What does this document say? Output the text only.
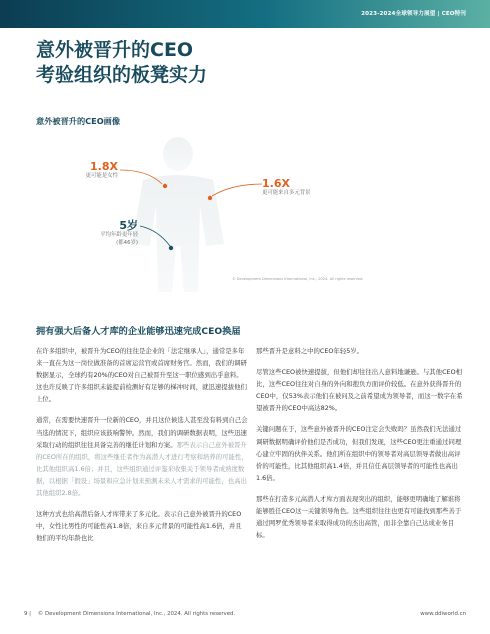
2023-2024全球领导力展望 | CEO特刊
意外被晋升的CEO
考验组织的板凳实力
意外被晋升的CEO画像
1.8X
更可能是女性
1.6X
更可能来自多元背景
5岁
平均年龄更年轻
(都46岁)
© Development Dimensions International, Inc., 2024. All rights reserved.
拥有强大后备人才库的企业能够迅速完成CEO换届

在许多组织中，被晋升为CEO的往往是企业的「法定继承人」，通常是多年来一直在为这一岗位做准备的首席运营官或首席财务官。然而，我们的调研数据显示，全球约有20%的CEO对自己被晋升至这一职位感到出乎意料。这也许反映了许多组织未能提前检测好有足够的梯冲时间，就迅速提拔他们上位。

通常，在需要快速晋升一位新的CEO，并且这位候选人甚至没有料到自己会当选的情况下，组织应该鼓响警钟。然而，我们的调研数据表明，这些迅速采取行动的组织往往具备完善的继任计划和方案。那些表示自己意外被晋升的CEO所在的组织，将这些继任者作为高潜人才进行考察和培养的可能性，比其他组织高1.6倍；并且，这些组织通过评鉴来收集关于领导者成熟度数据，以根据「假设」场景和应急计划来预测未来人才需求的可能性，也高出其他组织2.8倍。

这种方式也给高潜后备人才库带来了多元化。表示自己意外被晋升的CEO中，女性比男性的可能性高1.8倍，来自多元背景的可能性高1.6倍，并且他们的平均年龄也比

那些晋升是意料之中的CEO年轻5岁。

尽管这些CEO被快速提拔，但他们却往往出人意料地谦逊。与其他CEO相比，这些CEO往往对自身的外向和抱负方面评价较低。在意外获得晋升的CEO中，仅53%表示他们在被问及之前希望成为领导者，而这一数字在希望被晋升的CEO中高达82%。

关键问题在于，这些意外被晋升的CEO注定会失败吗？虽然我们无法通过调研数据明确评价他们是否成功，但我们发现，这些CEO更注重通过同理心建立牢固的伙伴关系。他们所在组织中的领导者对高层领导者做出高评价的可能性，比其他组织高1.4倍，并且信任高层领导者的可能性也高出1.6倍。

那些在打造多元高潜人才库方面表现突出的组织，能够更明确地了解谁将能够胜任CEO这一关键领导角色。这些组织往往也更有可能找到那些善于通过网罗优秀领导者来取得成功的杰出高管，而非全靠自己达成业务目标。

9 |    © Development Dimensions International, Inc., 2024. All rights reserved.	www.ddiworld.cn
